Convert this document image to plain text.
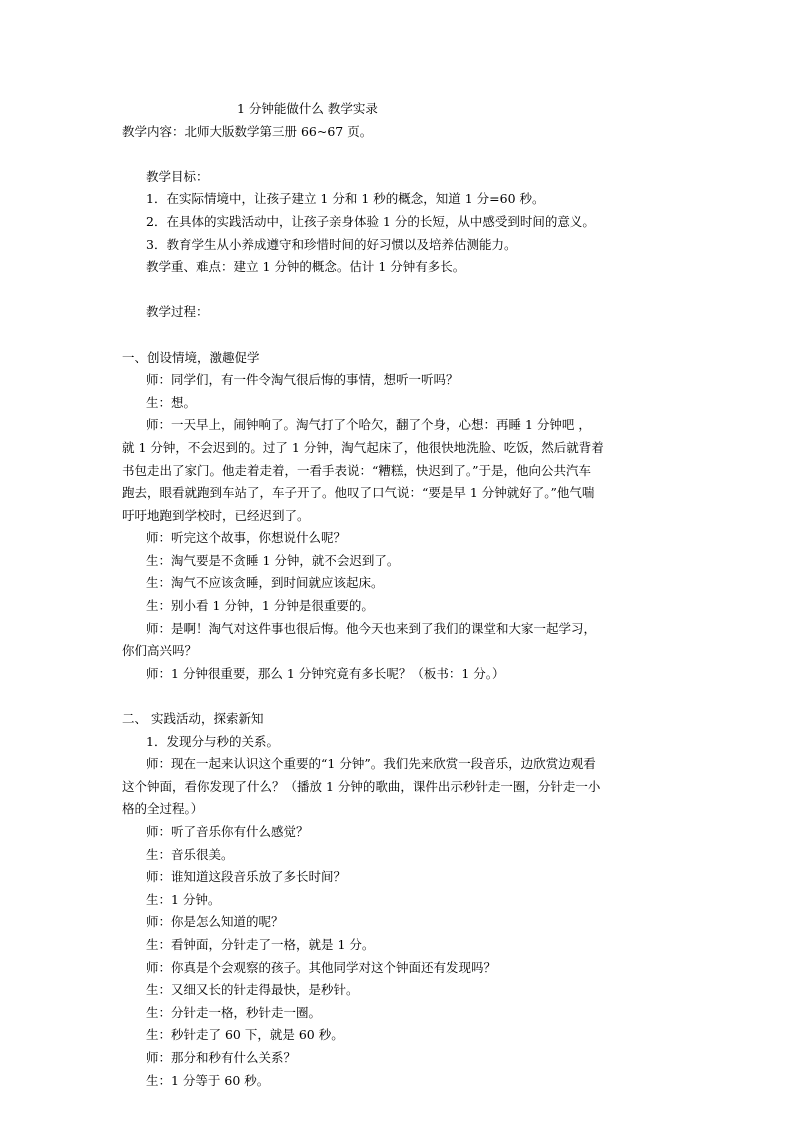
1 分钟能做什么 教学实录
教学内容：北师大版数学第三册 66~67 页。
教学目标：
1．在实际情境中，让孩子建立 1 分和 1 秒的概念，知道 1 分=60 秒。
2．在具体的实践活动中，让孩子亲身体验 1 分的长短，从中感受到时间的意义。
3．教育学生从小养成遵守和珍惜时间的好习惯以及培养估测能力。
教学重、难点：建立 1 分钟的概念。估计 1 分钟有多长。
教学过程：
一、创设情境，激趣促学
师：同学们，有一件令淘气很后悔的事情，想听一听吗？
生：想。
师：一天早上，闹钟响了。淘气打了个哈欠，翻了个身，心想：再睡 1 分钟吧 ，
就 1 分钟，不会迟到的。过了 1 分钟，淘气起床了，他很快地洗脸、吃饭，然后就背着
书包走出了家门。他走着走着，一看手表说：“糟糕，快迟到了。”于是，他向公共汽车
跑去，眼看就跑到车站了，车子开了。他叹了口气说：“要是早 1 分钟就好了。”他气喘
吁吁地跑到学校时，已经迟到了。
师：听完这个故事，你想说什么呢？
生：淘气要是不贪睡 1 分钟，就不会迟到了。
生：淘气不应该贪睡，到时间就应该起床。
生：别小看 1 分钟，1 分钟是很重要的。
师：是啊！淘气对这件事也很后悔。他今天也来到了我们的课堂和大家一起学习，
你们高兴吗？
师：1 分钟很重要，那么 1 分钟究竟有多长呢？（板书：1 分。）
二、 实践活动，探索新知
1．发现分与秒的关系。
师：现在一起来认识这个重要的“1 分钟”。我们先来欣赏一段音乐，边欣赏边观看
这个钟面，看你发现了什么？（播放 1 分钟的歌曲，课件出示秒针走一圈，分针走一小
格的全过程。）
师：听了音乐你有什么感觉？
生：音乐很美。
师：谁知道这段音乐放了多长时间？
生：1 分钟。
师：你是怎么知道的呢？
生：看钟面，分针走了一格，就是 1 分。
师：你真是个会观察的孩子。其他同学对这个钟面还有发现吗？
生：又细又长的针走得最快，是秒针。
生：分针走一格，秒针走一圈。
生：秒针走了 60 下，就是 60 秒。
师：那分和秒有什么关系？
生：1 分等于 60 秒。
